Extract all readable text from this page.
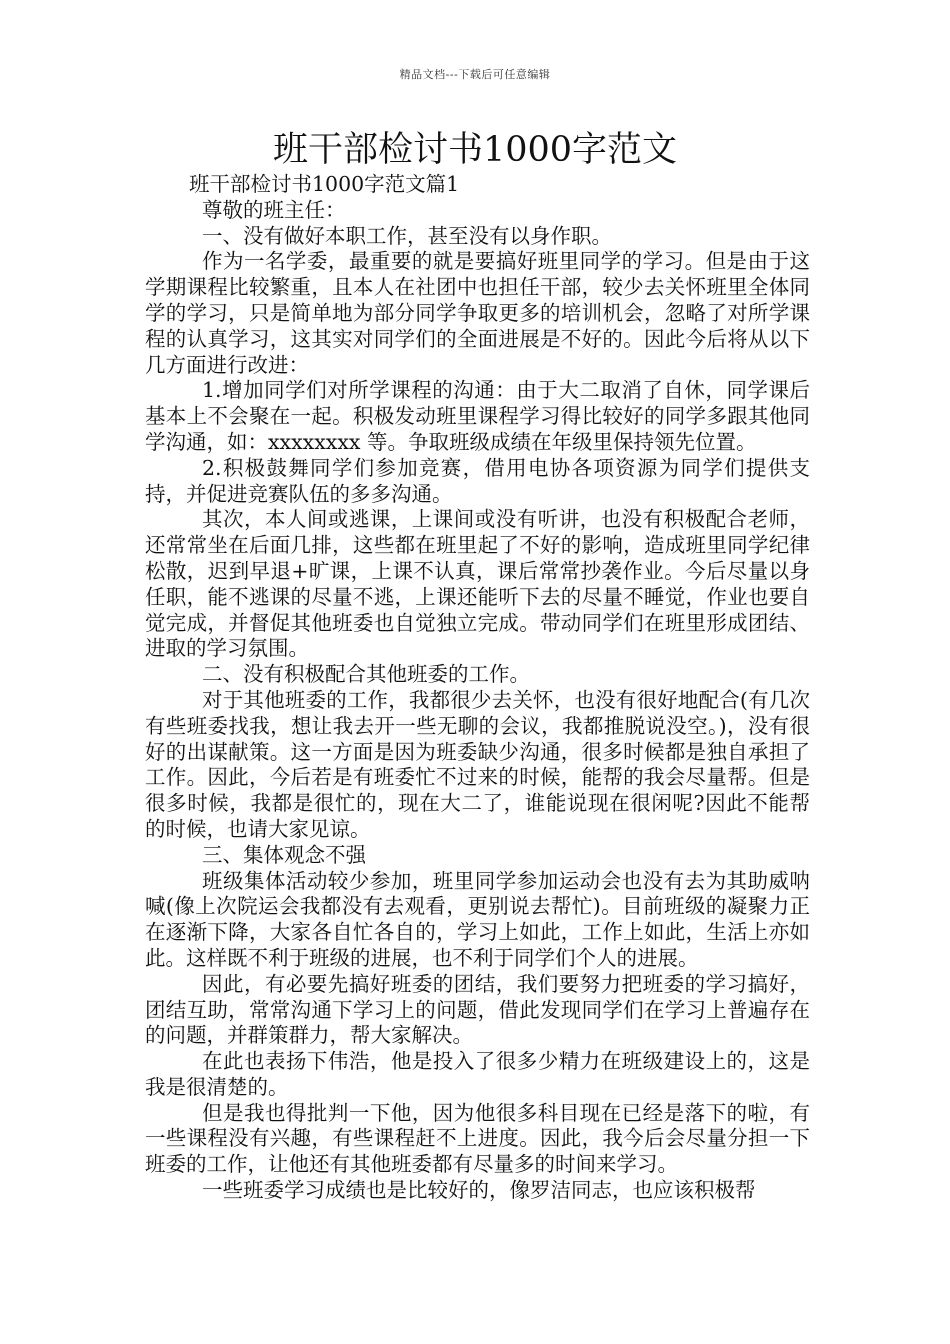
精品文档---下载后可任意编辑
班干部检讨书1000字范文

班干部检讨书1000字范文篇1

尊敬的班主任：

一、没有做好本职工作，甚至没有以身作职。

作为一名学委，最重要的就是要搞好班里同学的学习。但是由于这学期课程比较繁重，且本人在社团中也担任干部，较少去关怀班里全体同学的学习，只是简单地为部分同学争取更多的培训机会，忽略了对所学课程的认真学习，这其实对同学们的全面进展是不好的。因此今后将从以下几方面进行改进：

1.增加同学们对所学课程的沟通：由于大二取消了自休，同学课后基本上不会聚在一起。积极发动班里课程学习得比较好的同学多跟其他同学沟通，如：xxxxxxxx 等。争取班级成绩在年级里保持领先位置。

2.积极鼓舞同学们参加竞赛，借用电协各项资源为同学们提供支持，并促进竞赛队伍的多多沟通。

其次，本人间或逃课，上课间或没有听讲，也没有积极配合老师，还常常坐在后面几排，这些都在班里起了不好的影响，造成班里同学纪律松散，迟到早退+旷课，上课不认真，课后常常抄袭作业。今后尽量以身任职，能不逃课的尽量不逃，上课还能听下去的尽量不睡觉，作业也要自觉完成，并督促其他班委也自觉独立完成。带动同学们在班里形成团结、进取的学习氛围。

二、没有积极配合其他班委的工作。

对于其他班委的工作，我都很少去关怀，也没有很好地配合(有几次有些班委找我，想让我去开一些无聊的会议，我都推脱说没空。)，没有很好的出谋献策。这一方面是因为班委缺少沟通，很多时候都是独自承担了工作。因此，今后若是有班委忙不过来的时候，能帮的我会尽量帮。但是很多时候，我都是很忙的，现在大二了，谁能说现在很闲呢?因此不能帮的时候，也请大家见谅。

三、集体观念不强

班级集体活动较少参加，班里同学参加运动会也没有去为其助威呐喊(像上次院运会我都没有去观看，更别说去帮忙)。目前班级的凝聚力正在逐渐下降，大家各自忙各自的，学习上如此，工作上如此，生活上亦如此。这样既不利于班级的进展，也不利于同学们个人的进展。

因此，有必要先搞好班委的团结，我们要努力把班委的学习搞好，团结互助，常常沟通下学习上的问题，借此发现同学们在学习上普遍存在的问题，并群策群力，帮大家解决。

在此也表扬下伟浩，他是投入了很多少精力在班级建设上的，这是我是很清楚的。

但是我也得批判一下他，因为他很多科目现在已经是落下的啦，有一些课程没有兴趣，有些课程赶不上进度。因此，我今后会尽量分担一下班委的工作，让他还有其他班委都有尽量多的时间来学习。

一些班委学习成绩也是比较好的，像罗洁同志，也应该积极帮
